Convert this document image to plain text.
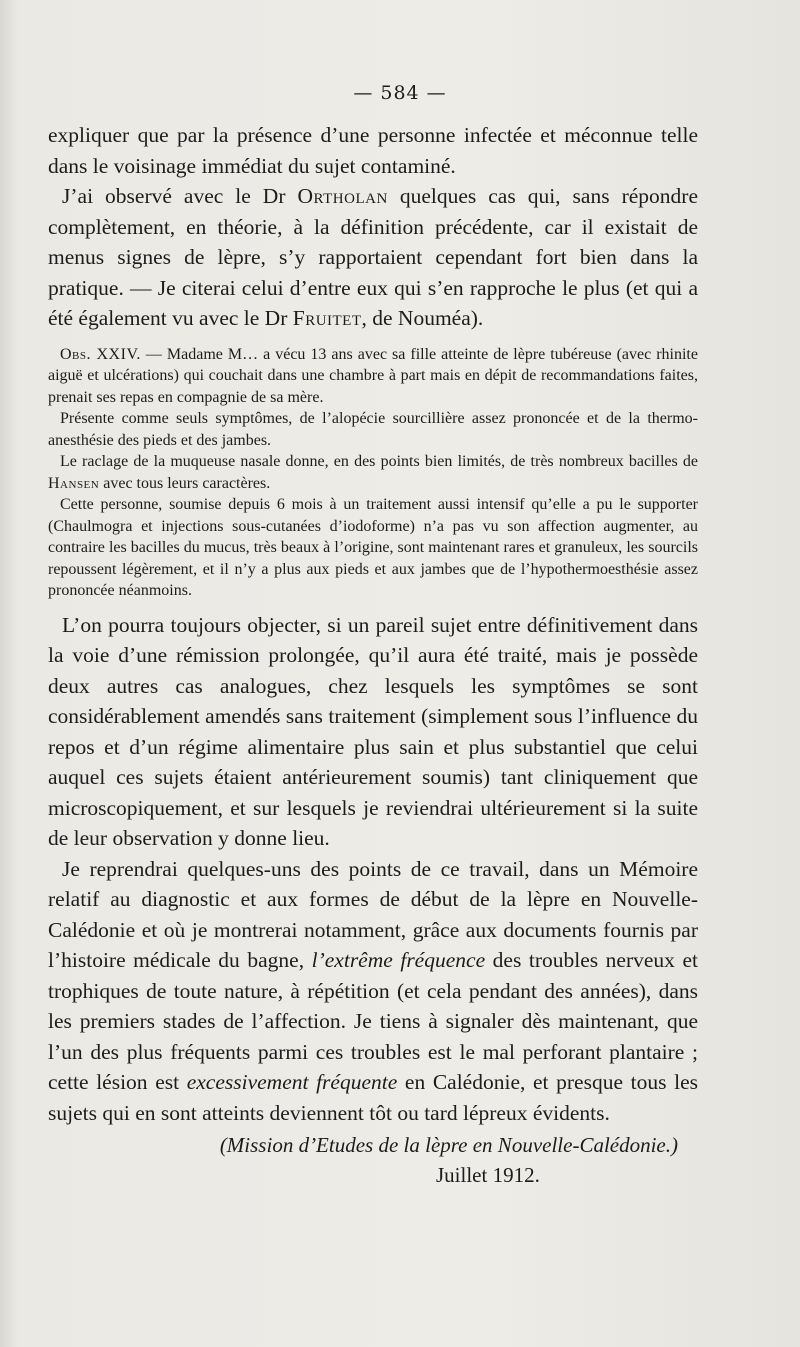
— 584 —

expliquer que par la présence d’une personne infectée et méconnue telle dans le voisinage immédiat du sujet contaminé.

J’ai observé avec le Dr Ortholan quelques cas qui, sans répondre complètement, en théorie, à la définition précédente, car il existait de menus signes de lèpre, s’y rapportaient cependant fort bien dans la pratique. — Je citerai celui d’entre eux qui s’en rapproche le plus (et qui a été également vu avec le Dr Fruitet, de Nouméa).

Obs. XXIV. — Madame M… a vécu 13 ans avec sa fille atteinte de lèpre tubéreuse (avec rhinite aiguë et ulcérations) qui couchait dans une chambre à part mais en dépit de recommandations faites, prenait ses repas en compagnie de sa mère.

Présente comme seuls symptômes, de l’alopécie sourcillière assez prononcée et de la thermo-anesthésie des pieds et des jambes.

Le raclage de la muqueuse nasale donne, en des points bien limités, de très nombreux bacilles de Hansen avec tous leurs caractères.

Cette personne, soumise depuis 6 mois à un traitement aussi intensif qu’elle a pu le supporter (Chaulmogra et injections sous-cutanées d’iodoforme) n’a pas vu son affection augmenter, au contraire les bacilles du mucus, très beaux à l’origine, sont maintenant rares et granuleux, les sourcils repoussent légèrement, et il n’y a plus aux pieds et aux jambes que de l’hypothermoesthésie assez prononcée néanmoins.

L’on pourra toujours objecter, si un pareil sujet entre définitivement dans la voie d’une rémission prolongée, qu’il aura été traité, mais je possède deux autres cas analogues, chez lesquels les symptômes se sont considérablement amendés sans traitement (simplement sous l’influence du repos et d’un régime alimentaire plus sain et plus substantiel que celui auquel ces sujets étaient antérieurement soumis) tant cliniquement que microscopiquement, et sur lesquels je reviendrai ultérieurement si la suite de leur observation y donne lieu.

Je reprendrai quelques-uns des points de ce travail, dans un Mémoire relatif au diagnostic et aux formes de début de la lèpre en Nouvelle-Calédonie et où je montrerai notamment, grâce aux documents fournis par l’histoire médicale du bagne, l’extrême fréquence des troubles nerveux et trophiques de toute nature, à répétition (et cela pendant des années), dans les premiers stades de l’affection. Je tiens à signaler dès maintenant, que l’un des plus fréquents parmi ces troubles est le mal perforant plantaire ; cette lésion est excessivement fréquente en Calédonie, et presque tous les sujets qui en sont atteints deviennent tôt ou tard lépreux évidents.

(Mission d’Etudes de la lèpre en Nouvelle-Calédonie.)

Juillet 1912.
